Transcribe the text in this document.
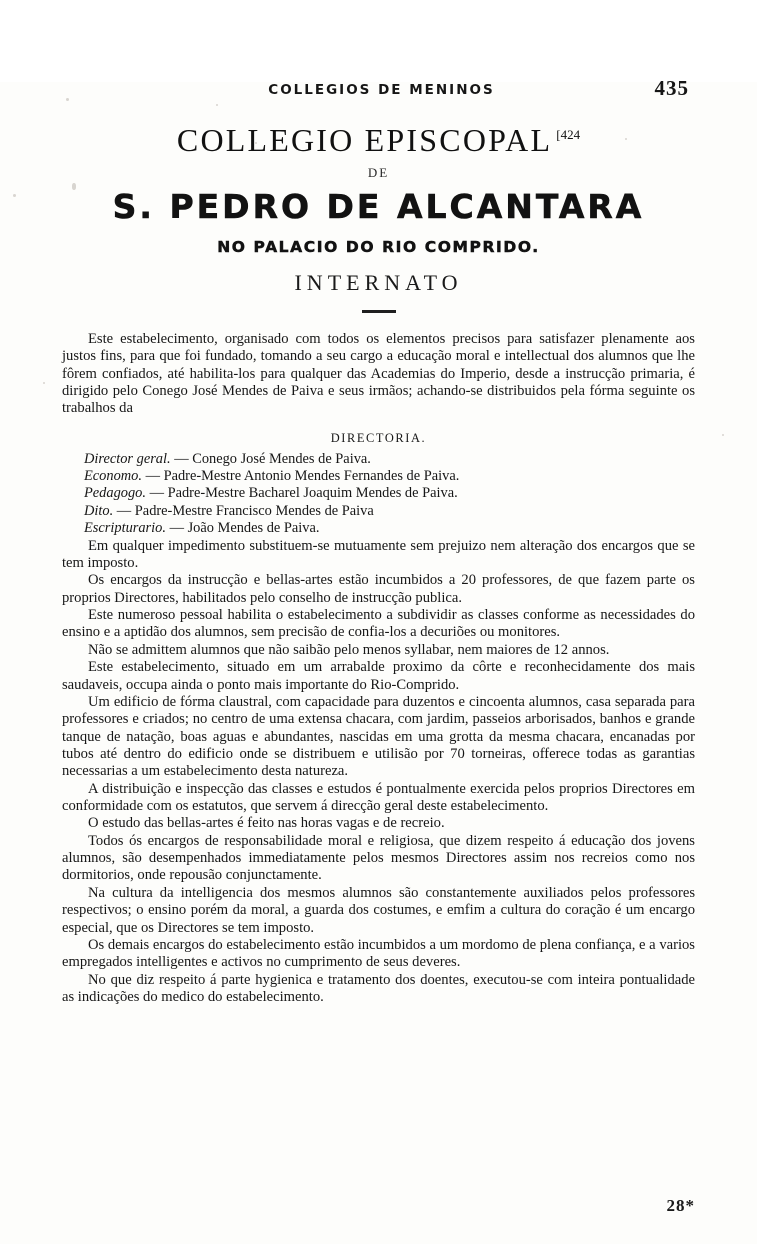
COLLEGIOS DE MENINOS	435
COLLEGIO EPISCOPAL $^{[424}$
DE
S. PEDRO DE ALCANTARA
NO PALACIO DO RIO COMPRIDO.
INTERNATO

Este estabelecimento, organisado com todos os elementos precisos para satisfazer plenamente aos justos fins, para que foi fundado, tomando a seu cargo a educação moral e intellectual dos alumnos que lhe fôrem confiados, até habilita-los para qualquer das Academias do Imperio, desde a instrucção primaria, é dirigido pelo Conego José Mendes de Paiva e seus irmãos; achando-se distribuidos pela fórma seguinte os trabalhos da

DIRECTORIA.
Director geral. — Conego José Mendes de Paiva.
Economo. — Padre-Mestre Antonio Mendes Fernandes de Paiva.
Pedagogo. — Padre-Mestre Bacharel Joaquim Mendes de Paiva.
Dito. — Padre-Mestre Francisco Mendes de Paiva
Escripturario. — João Mendes de Paiva.

Em qualquer impedimento substituem-se mutuamente sem prejuizo nem alteração dos encargos que se tem imposto.

Os encargos da instrucção e bellas-artes estão incumbidos a 20 professores, de que fazem parte os proprios Directores, habilitados pelo conselho de instrucção publica.

Este numeroso pessoal habilita o estabelecimento a subdividir as classes conforme as necessidades do ensino e a aptidão dos alumnos, sem precisão de confia-los a decuriões ou monitores.

Não se admittem alumnos que não saibão pelo menos syllabar, nem maiores de 12 annos.

Este estabelecimento, situado em um arrabalde proximo da côrte e reconhecidamente dos mais saudaveis, occupa ainda o ponto mais importante do Rio-Comprido.

Um edificio de fórma claustral, com capacidade para duzentos e cincoenta alumnos, casa separada para professores e criados; no centro de uma extensa chacara, com jardim, passeios arborisados, banhos e grande tanque de natação, boas aguas e abundantes, nascidas em uma grotta da mesma chacara, encanadas por tubos até dentro do edificio onde se distribuem e utilisão por 70 torneiras, offerece todas as garantias necessarias a um estabelecimento desta natureza.

A distribuição e inspecção das classes e estudos é pontualmente exercida pelos proprios Directores em conformidade com os estatutos, que servem á direcção geral deste estabelecimento.

O estudo das bellas-artes é feito nas horas vagas e de recreio.

Todos ós encargos de responsabilidade moral e religiosa, que dizem respeito á educação dos jovens alumnos, são desempenhados immediatamente pelos mesmos Directores assim nos recreios como nos dormitorios, onde repousão conjunctamente.

Na cultura da intelligencia dos mesmos alumnos são constantemente auxiliados pelos professores respectivos; o ensino porém da moral, a guarda dos costumes, e emfim a cultura do coração é um encargo especial, que os Directores se tem imposto.

Os demais encargos do estabelecimento estão incumbidos a um mordomo de plena confiança, e a varios empregados intelligentes e activos no cumprimento de seus deveres.

No que diz respeito á parte hygienica e tratamento dos doentes, executou-se com inteira pontualidade as indicações do medico do estabelecimento.

28*
